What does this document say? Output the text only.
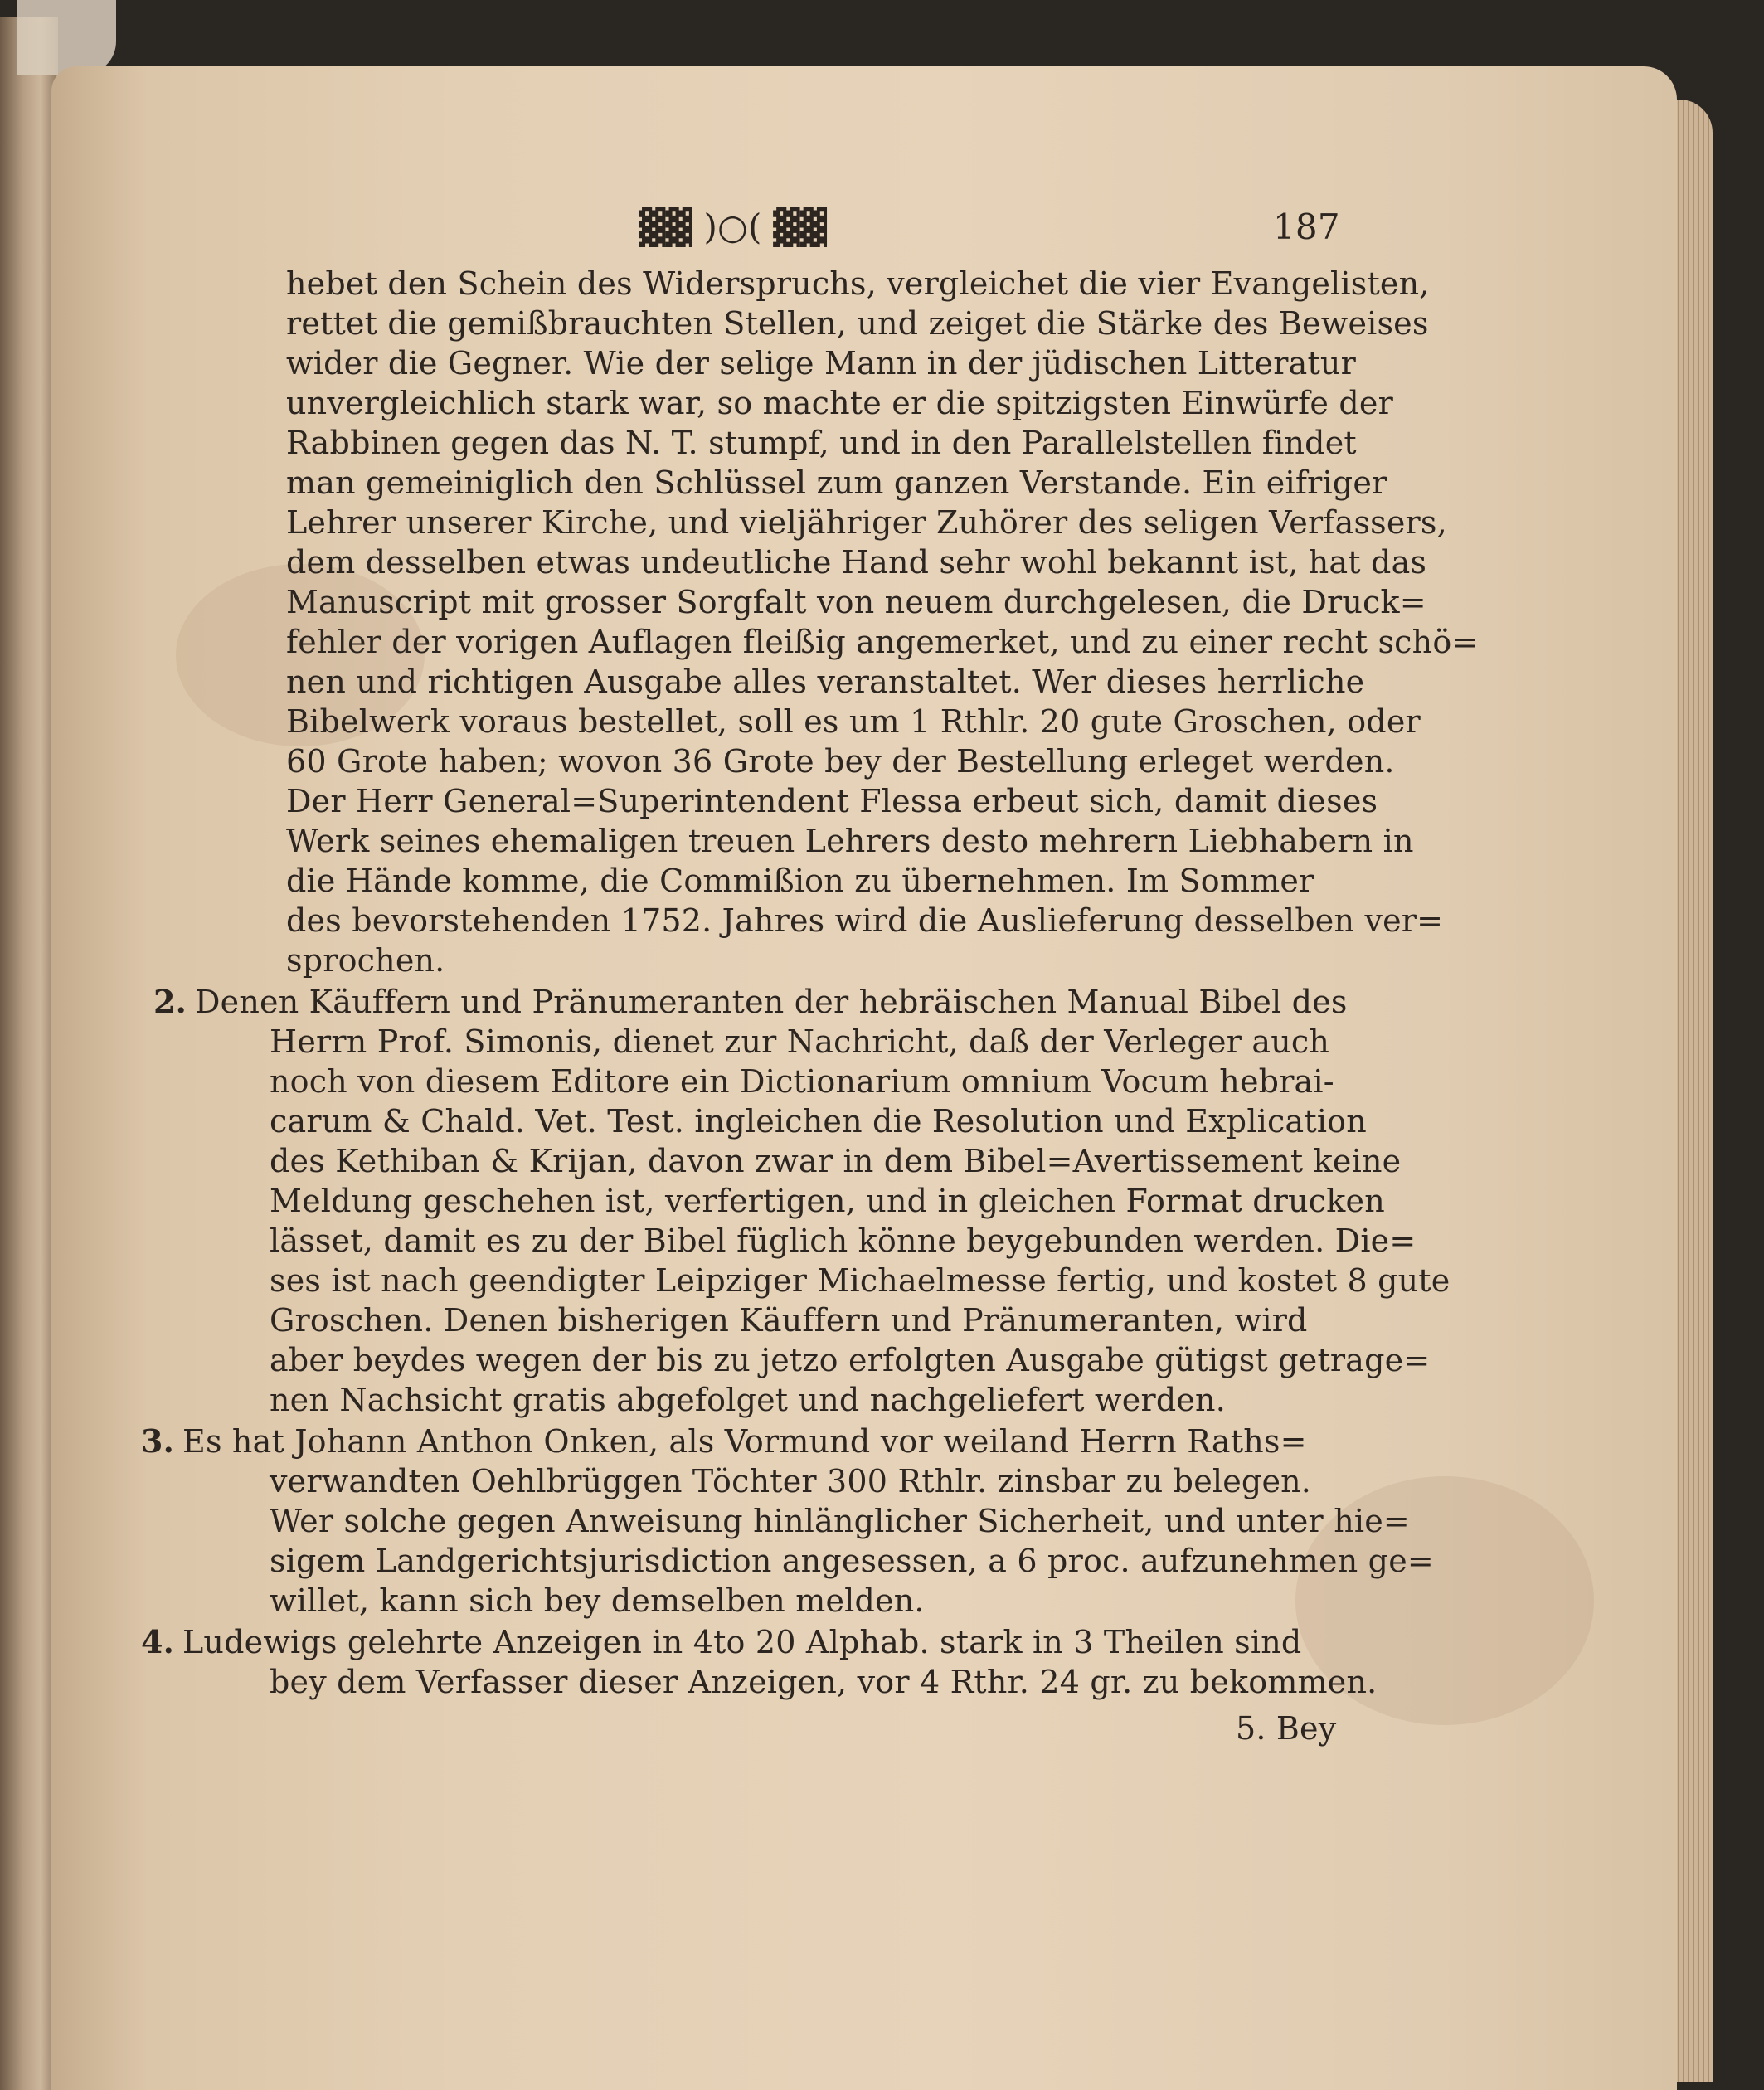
▓▓ )○( ▓▓	187
hebet den Schein des Widerspruchs, vergleichet die vier Evangelisten,
rettet die gemißbrauchten Stellen, und zeiget die Stärke des Beweises
wider die Gegner. Wie der selige Mann in der jüdischen Litteratur
unvergleichlich stark war, so machte er die spitzigsten Einwürfe der
Rabbinen gegen das N. T. stumpf, und in den Parallelstellen findet
man gemeiniglich den Schlüssel zum ganzen Verstande. Ein eifriger
Lehrer unserer Kirche, und vieljähriger Zuhörer des seligen Verfassers,
dem desselben etwas undeutliche Hand sehr wohl bekannt ist, hat das
Manuscript mit grosser Sorgfalt von neuem durchgelesen, die Druck=
fehler der vorigen Auflagen fleißig angemerket, und zu einer recht schö=
nen und richtigen Ausgabe alles veranstaltet. Wer dieses herrliche
Bibelwerk voraus bestellet, soll es um 1 Rthlr. 20 gute Groschen, oder
60 Grote haben; wovon 36 Grote bey der Bestellung erleget werden.
Der Herr General=Superintendent Flessa erbeut sich, damit dieses
Werk seines ehemaligen treuen Lehrers desto mehrern Liebhabern in
die Hände komme, die Commißion zu übernehmen. Im Sommer
des bevorstehenden 1752. Jahres wird die Auslieferung desselben ver=
sprochen.
2. Denen Käuffern und Pränumeranten der hebräischen Manual Bibel des
Herrn Prof. Simonis, dienet zur Nachricht, daß der Verleger auch
noch von diesem Editore ein Dictionarium omnium Vocum hebrai-
carum & Chald. Vet. Test. ingleichen die Resolution und Explication
des Kethiban & Krijan, davon zwar in dem Bibel=Avertissement keine
Meldung geschehen ist, verfertigen, und in gleichen Format drucken
lässet, damit es zu der Bibel füglich könne beygebunden werden. Die=
ses ist nach geendigter Leipziger Michaelmesse fertig, und kostet 8 gute
Groschen. Denen bisherigen Käuffern und Pränumeranten, wird
aber beydes wegen der bis zu jetzo erfolgten Ausgabe gütigst getrage=
nen Nachsicht gratis abgefolget und nachgeliefert werden.
3. Es hat Johann Anthon Onken, als Vormund vor weiland Herrn Raths=
verwandten Oehlbrüggen Töchter 300 Rthlr. zinsbar zu belegen.
Wer solche gegen Anweisung hinlänglicher Sicherheit, und unter hie=
sigem Landgerichtsjurisdiction angesessen, a 6 proc. aufzunehmen ge=
willet, kann sich bey demselben melden.
4. Ludewigs gelehrte Anzeigen in 4to 20 Alphab. stark in 3 Theilen sind
bey dem Verfasser dieser Anzeigen, vor 4 Rthr. 24 gr. zu bekommen.
5. Bey
